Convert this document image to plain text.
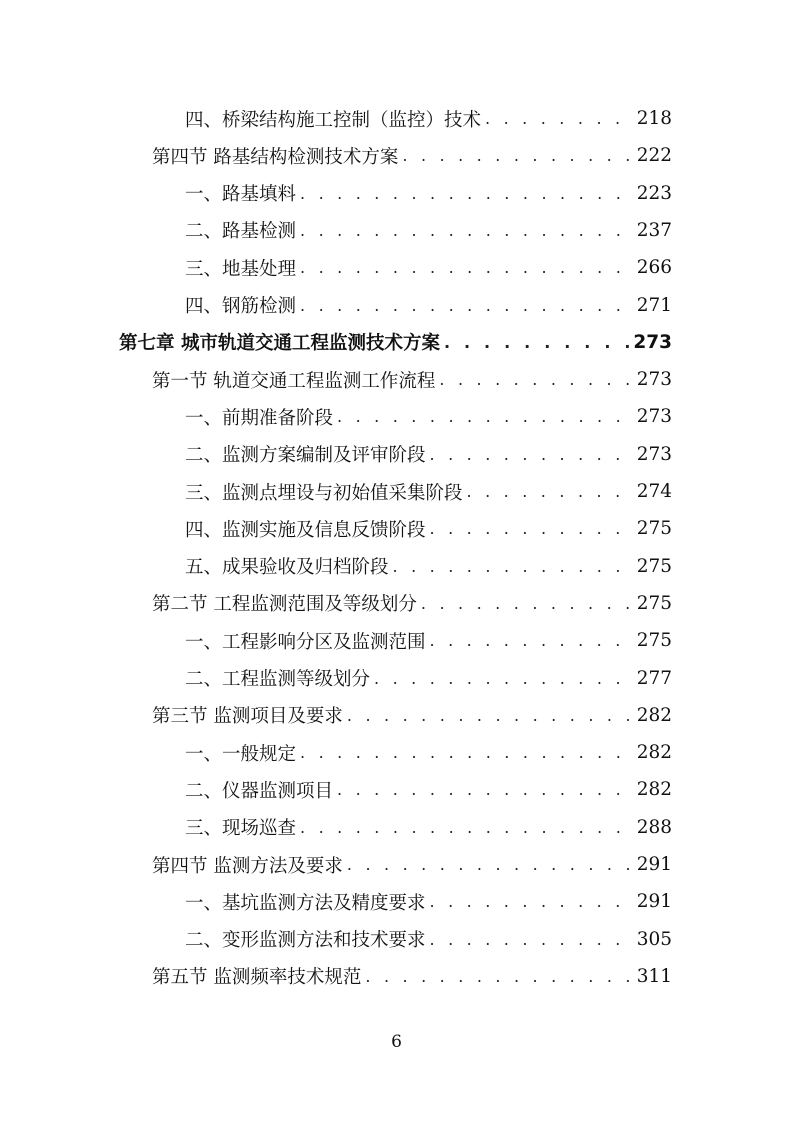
四、桥梁结构施工控制（监控）技术 . . .	218
第四节 路基结构检测技术方案 . . .	222
一、路基填料 . . .	223
二、路基检测 . . .	237
三、地基处理 . . .	266
四、钢筋检测 . . .	271
第七章 城市轨道交通工程监测技术方案 . . .	273
第一节 轨道交通工程监测工作流程 . . .	273
一、前期准备阶段 . . .	273
二、监测方案编制及评审阶段 . . .	273
三、监测点埋设与初始值采集阶段 . . .	274
四、监测实施及信息反馈阶段 . . .	275
五、成果验收及归档阶段 . . .	275
第二节 工程监测范围及等级划分 . . .	275
一、工程影响分区及监测范围 . . .	275
二、工程监测等级划分 . . .	277
第三节 监测项目及要求 . . .	282
一、一般规定 . . .	282
二、仪器监测项目 . . .	282
三、现场巡查 . . .	288
第四节 监测方法及要求 . . .	291
一、基坑监测方法及精度要求 . . .	291
二、变形监测方法和技术要求 . . .	305
第五节 监测频率技术规范 . . .	311
6
